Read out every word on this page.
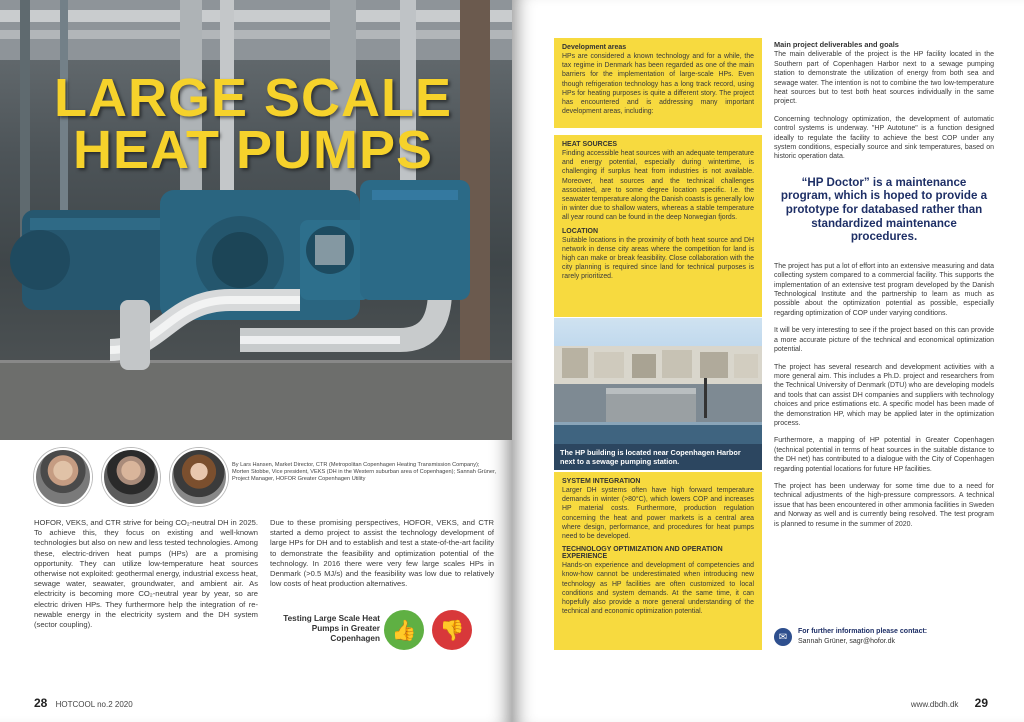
LARGE SCALE
HEAT PUMPS
By Lars Hansen, Market Director, CTR (Metropolitan Copenhagen Heating Transmission Company); Morten Stobbe, Vice president, VEKS (DH in the Western suburban area of Copenhagen); Sannah Grüner, Project Manager, HOFOR Greater Copenhagen Utility
HOFOR, VEKS, and CTR strive for being CO₂-neutral DH in 2025. To achieve this, they focus on existing and well-known technologies but also on new and less tested technologies. Among these, electric-driven heat pumps (HPs) are a promising opportunity. They can utilize low-temperature heat sources otherwise not exploited: geothermal energy, industrial excess heat, sewage water, seawater, groundwater, and ambient air. As electricity is becoming more CO₂-neutral year by year, so are electric driven HPs. They furthermore help the integration of re-newable energy in the electricity system and the DH system (sector coupling).
Due to these promising perspectives, HOFOR, VEKS, and CTR started a demo project to assist the technology development of large HPs for DH and to establish and test a state-of-the-art facility to demonstrate the feasibility and optimization potential of the technology. In 2016 there were very few large scales HPs in Denmark (>0.5 MJ/s) and the feasibility was low due to relatively low costs of heat production alternatives.
Testing Large Scale Heat Pumps in Greater Copenhagen 👍 👎
28 HOTCOOL no.2 2020
Development areas

HPs are considered a known technology and for a while, the tax regime in Denmark has been regarded as one of the main barriers for the implementation of large-scale HPs. Even though refrigeration technology has a long track record, using HPs for heating purposes is quite a different story. The project has encountered and is addressing many important development areas, including:

HEAT SOURCES

Finding accessible heat sources with an adequate temperature and energy potential, especially during wintertime, is challenging if surplus heat from industries is not available. Moreover, heat sources and the technical challenges associated, are to some degree location specific. I.e. the seawater temperature along the Danish coasts is generally low in winter due to shallow waters, whereas a stable temperature all year round can be found in the deep Norwegian fjords.

LOCATION

Suitable locations in the proximity of both heat source and DH network in dense city areas where the competition for land is high can make or break feasibility. Close collaboration with the city planning is required since land for technical purposes is rarely prioritized.

The HP building is located near Copenhagen Harbor next to a sewage pumping station.
SYSTEM INTEGRATION

Larger DH systems often have high forward temperature demands in winter (>80°C), which lowers COP and increases HP material costs. Furthermore, production regulation concerning the heat and power markets is a central area where design, performance, and procedures for heat pumps need to be developed.

TECHNOLOGY OPTIMIZATION AND OPERATION EXPERIENCE

Hands-on experience and development of competencies and know-how cannot be underestimated when introducing new technology as HP facilities are often customized to local conditions and system demands. At the same time, it can hopefully also provide a more general understanding of the technical and economic optimization potential.

Main project deliverables and goals

The main deliverable of the project is the HP facility located in the Southern part of Copenhagen Harbor next to a sewage pumping station to demonstrate the utilization of energy from both sea and sewage water. The intention is not to combine the two low-temperature heat sources but to test both heat sources individually in the same project.

Concerning technology optimization, the development of automatic control systems is underway. "HP Autotune" is a function designed ideally to regulate the facility to achieve the best COP under any system conditions, especially source and sink temperatures, based on historic operation data.

“HP Doctor” is a maintenance program, which is hoped to provide a prototype for databased rather than standardized maintenance procedures.

The project has put a lot of effort into an extensive measuring and data collecting system compared to a commercial facility. This supports the implementation of an extensive test program developed by the Danish Technological Institute and the partnership to learn as much as possible about the optimization potential as possible, especially regarding optimization of COP under varying conditions.

It will be very interesting to see if the project based on this can provide a more accurate picture of the technical and economical optimization potential.

The project has several research and development activities with a more general aim. This includes a Ph.D. project and researchers from the Technical University of Denmark (DTU) who are developing models and tools that can assist DH companies and suppliers with technology choices and price estimations etc. A specific model has been made of the demonstration HP, which may be applied later in the optimization process.

Furthermore, a mapping of HP potential in Greater Copenhagen (technical potential in terms of heat sources in the suitable distance to the DH net) has contributed to a dialogue with the City of Copenhagen regarding potential locations for future HP facilities.

The project has been underway for some time due to a need for technical adjustments of the high-pressure compressors. A technical issue that has been encountered in other ammonia facilities in Sweden and Norway as well and is currently being resolved. The test program is planned to resume in the summer of 2020.

✉	For further information please contact:
Sannah Grüner, sagr@hofor.dk
www.dbdh.dk 29
